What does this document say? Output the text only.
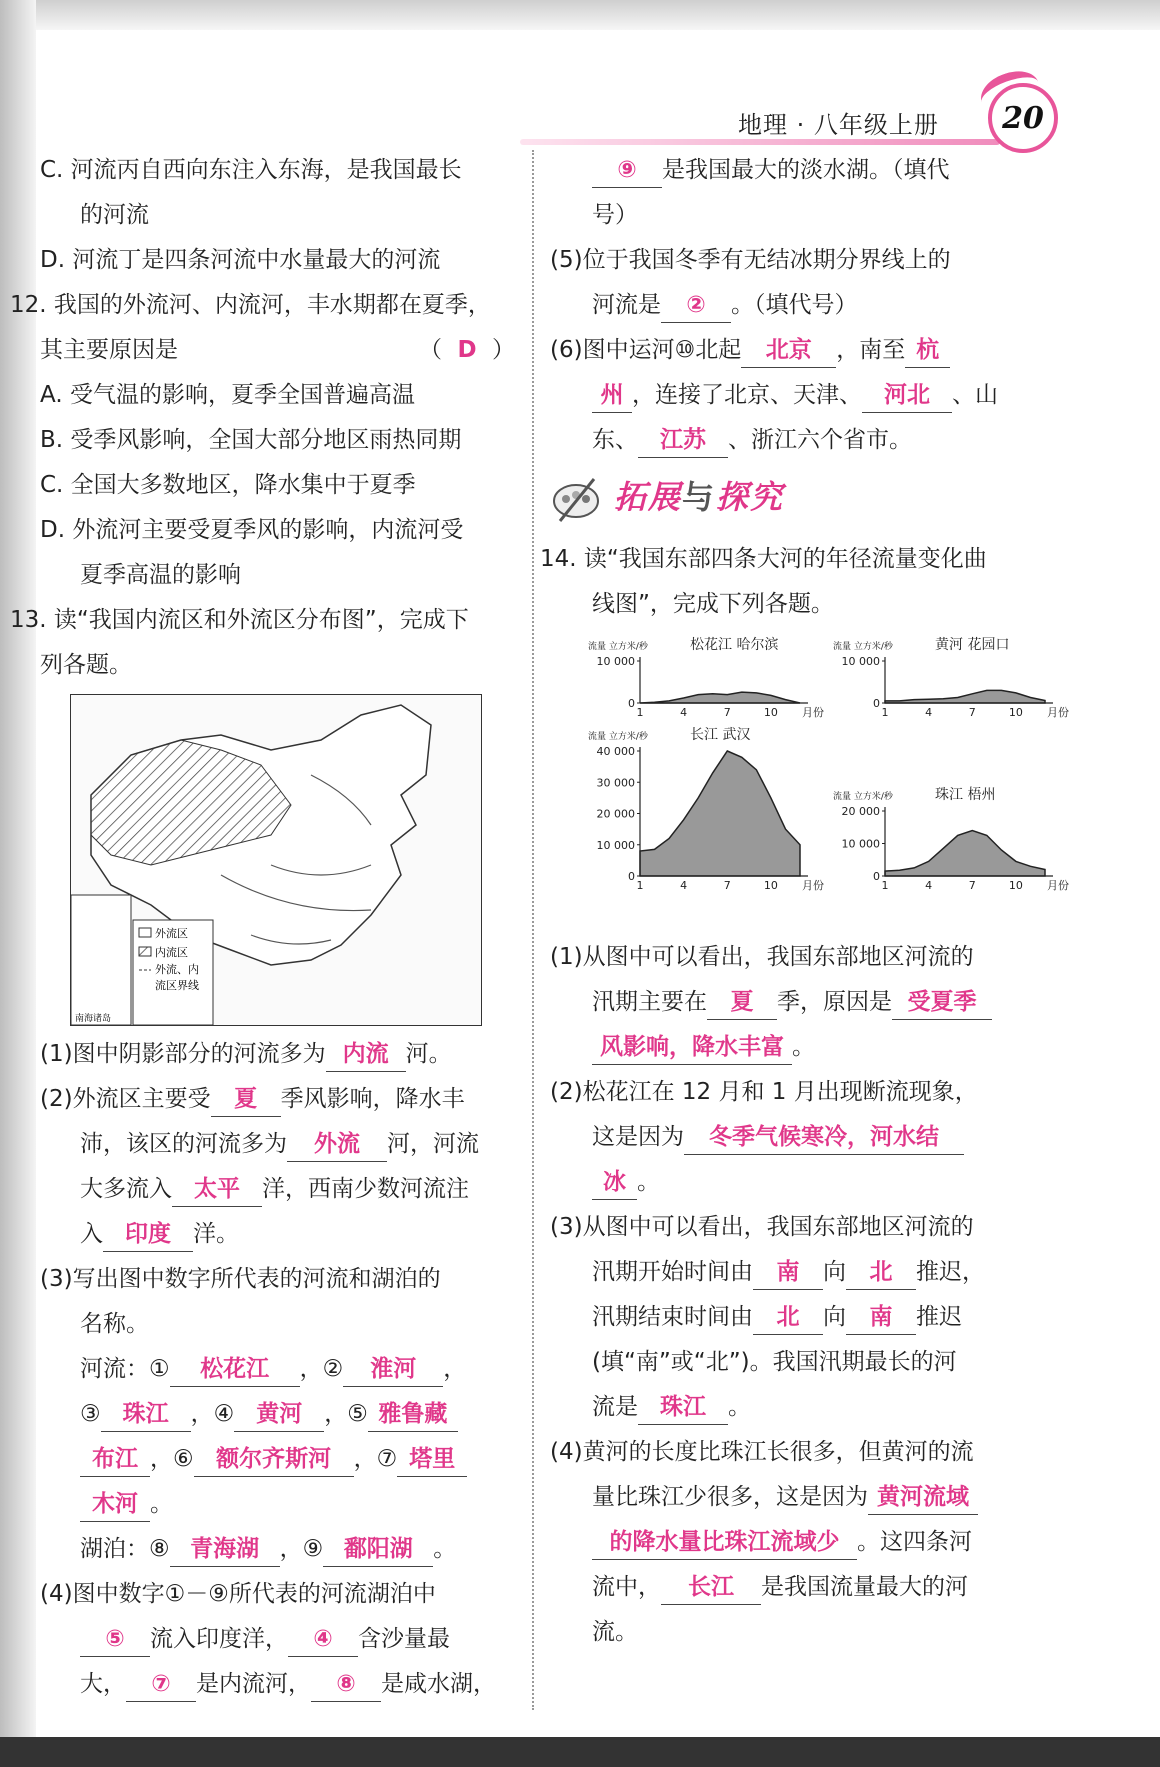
地理 · 八年级上册	20
C. 河流丙自西向东注入东海，是我国最长
的河流
D. 河流丁是四条河流中水量最大的河流
12. 我国的外流河、内流河，丰水期都在夏季，
其主要原因是	（ D ）
A. 受气温的影响，夏季全国普遍高温
B. 受季风影响，全国大部分地区雨热同期
C. 全国大多数地区，降水集中于夏季
D. 外流河主要受夏季风的影响，内流河受
夏季高温的影响
13. 读“我国内流区和外流区分布图”，完成下
列各题。
外流区
内流区
外流、内
流区界线
南海诸岛
(1)图中阴影部分的河流多为 内流 河。
(2)外流区主要受 夏 季风影响，降水丰
沛，该区的河流多为 外流 河，河流
大多流入 太平 洋，西南少数河流注
入 印度 洋。
(3)写出图中数字所代表的河流和湖泊的
名称。
河流：① 松花江 ，② 淮河 ，
③ 珠江 ，④ 黄河 ，⑤ 雅鲁藏
布江 ，⑥ 额尔齐斯河 ，⑦ 塔里
木河 。
湖泊：⑧ 青海湖 ，⑨ 鄱阳湖 。
(4)图中数字①－⑨所代表的河流湖泊中
⑤ 流入印度洋， ④ 含沙量最
大， ⑦ 是内流河， ⑧ 是咸水湖，
⑨ 是我国最大的淡水湖。（填代
号）
(5)位于我国冬季有无结冰期分界线上的
河流是 ② 。（填代号）
(6)图中运河⑩北起 北京 ，南至 杭
州 ，连接了北京、天津、 河北 、山
东、 江苏 、浙江六个省市。
拓展与探究
14. 读“我国东部四条大河的年径流量变化曲
线图”，完成下列各题。
0
10 000
1	4	7	10 月份
松花江 哈尔滨
流量 立方米/秒
0
10 000
1	4	7	10 月份
黄河 花园口
流量 立方米/秒
0
10 000
20 000
30 000
40 000
1	4	7	10 月份
长江 武汉
流量 立方米/秒
0
10 000
20 000
1	4	7	10 月份
珠江 梧州
流量 立方米/秒
(1)从图中可以看出，我国东部地区河流的
汛期主要在 夏 季，原因是 受夏季
风影响，降水丰富 。
(2)松花江在 12 月和 1 月出现断流现象，
这是因为 冬季气候寒冷，河水结
冰 。
(3)从图中可以看出，我国东部地区河流的
汛期开始时间由 南 向 北 推迟，
汛期结束时间由 北 向 南 推迟
(填“南”或“北”)。我国汛期最长的河
流是 珠江 。
(4)黄河的长度比珠江长很多，但黄河的流
量比珠江少很多，这是因为 黄河流域
的降水量比珠江流域少 。这四条河
流中， 长江 是我国流量最大的河
流。
